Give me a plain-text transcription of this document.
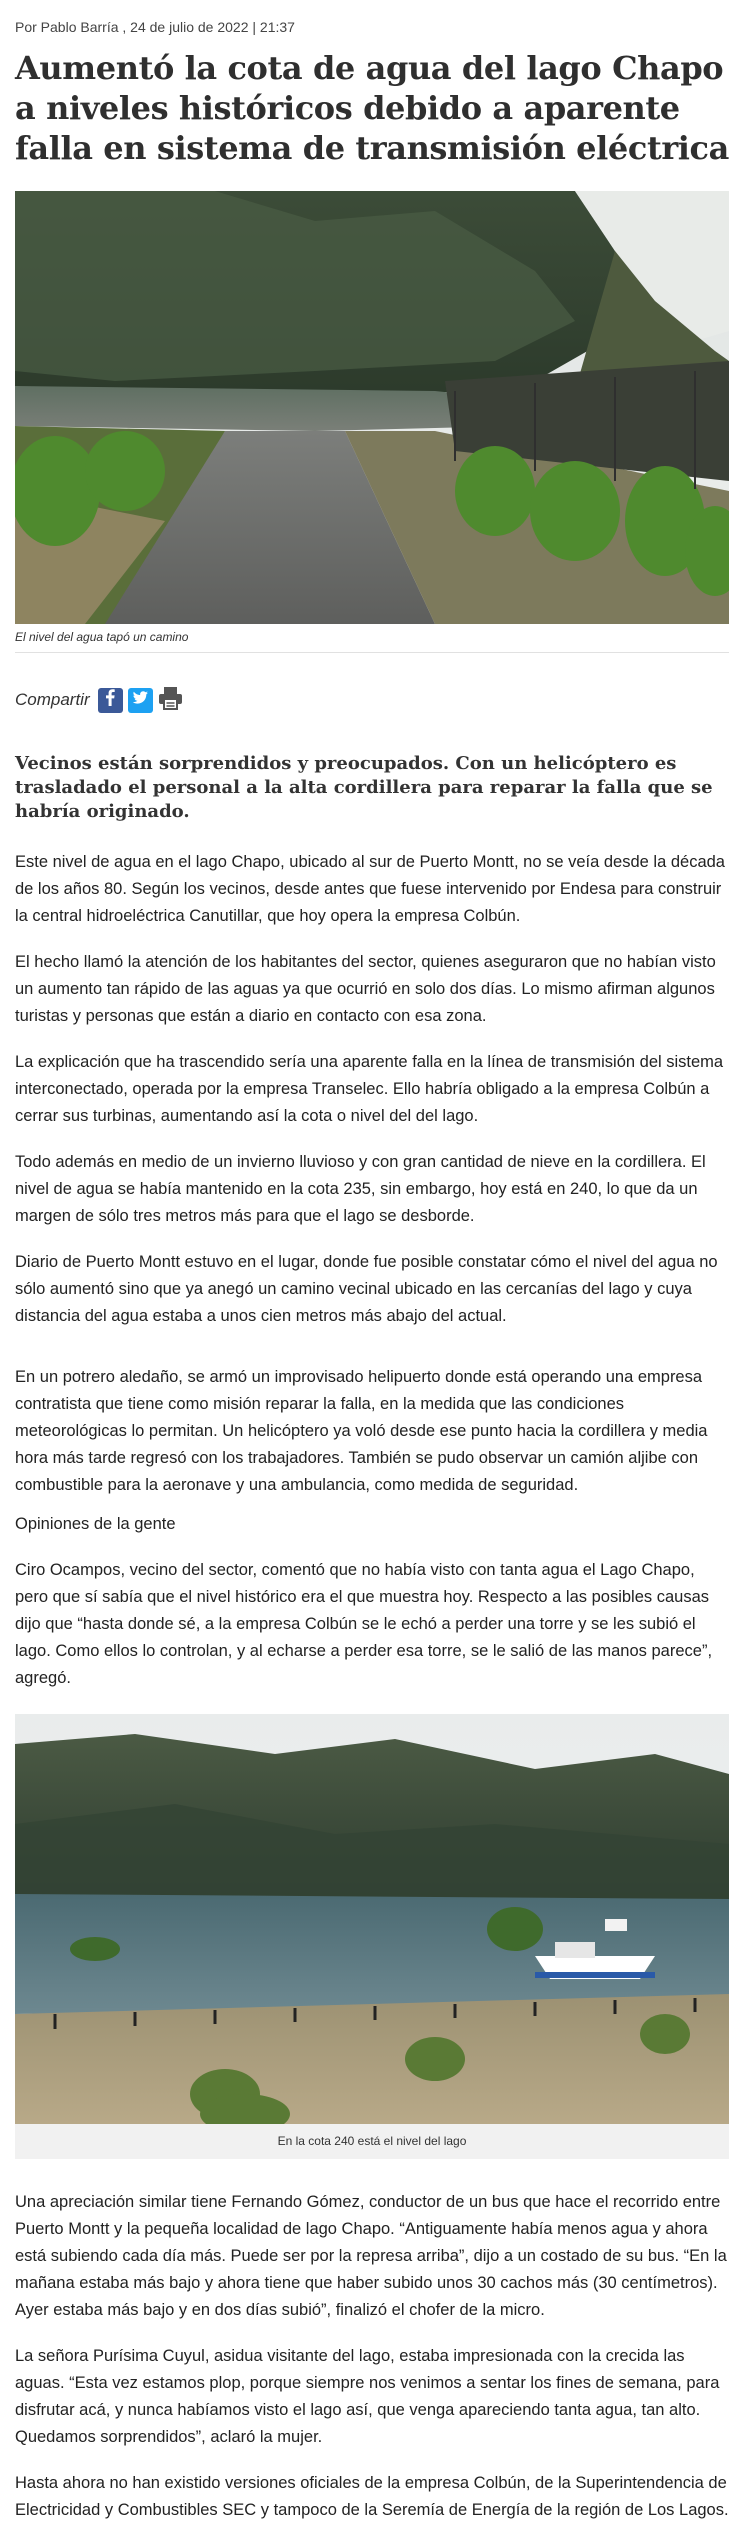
Por Pablo Barría , 24 de julio de 2022 | 21:37

Aumentó la cota de agua del lago Chapo a niveles históricos debido a aparente falla en sistema de transmisión eléctrica

El nivel del agua tapó un camino

Compartir

Vecinos están sorprendidos y preocupados. Con un helicóptero es trasladado el personal a la alta cordillera para reparar la falla que se habría originado.

Este nivel de agua en el lago Chapo, ubicado al sur de Puerto Montt, no se veía desde la década de los años 80. Según los vecinos, desde antes que fuese intervenido por Endesa para construir la central hidroeléctrica Canutillar, que hoy opera la empresa Colbún.

El hecho llamó la atención de los habitantes del sector, quienes aseguraron que no habían visto un aumento tan rápido de las aguas ya que ocurrió en solo dos días. Lo mismo afirman algunos turistas y personas que están a diario en contacto con esa zona.

La explicación que ha trascendido sería una aparente falla en la línea de transmisión del sistema interconectado, operada por la empresa Transelec. Ello habría obligado a la empresa Colbún a cerrar sus turbinas, aumentando así la cota o nivel del del lago.

Todo además en medio de un invierno lluvioso y con gran cantidad de nieve en la cordillera. El nivel de agua se había mantenido en la cota 235, sin embargo, hoy está en 240, lo que da un margen de sólo tres metros más para que el lago se desborde.

Diario de Puerto Montt estuvo en el lugar, donde fue posible constatar cómo el nivel del agua no sólo aumentó sino que ya anegó un camino vecinal ubicado en las cercanías del lago y cuya distancia del agua estaba a unos cien metros más abajo del actual.

En un potrero aledaño, se armó un improvisado helipuerto donde está operando una empresa contratista que tiene como misión reparar la falla, en la medida que las condiciones meteorológicas lo permitan. Un helicóptero ya voló desde ese punto hacia la cordillera y media hora más tarde regresó con los trabajadores. También se pudo observar un camión aljibe con combustible para la aeronave y una ambulancia, como medida de seguridad.

Opiniones de la gente

Ciro Ocampos, vecino del sector, comentó que no había visto con tanta agua el Lago Chapo, pero que sí sabía que el nivel histórico era el que muestra hoy. Respecto a las posibles causas dijo que “hasta donde sé, a la empresa Colbún se le echó a perder una torre y se les subió el lago. Como ellos lo controlan, y al echarse a perder esa torre, se le salió de las manos parece”, agregó.

En la cota 240 está el nivel del lago

Una apreciación similar tiene Fernando Gómez, conductor de un bus que hace el recorrido entre Puerto Montt y la pequeña localidad de lago Chapo. “Antiguamente había menos agua y ahora está subiendo cada día más. Puede ser por la represa arriba”, dijo a un costado de su bus. “En la mañana estaba más bajo y ahora tiene que haber subido unos 30 cachos más (30 centímetros). Ayer estaba más bajo y en dos días subió”, finalizó el chofer de la micro.

La señora Purísima Cuyul, asidua visitante del lago, estaba impresionada con la crecida las aguas. “Esta vez estamos plop, porque siempre nos venimos a sentar los fines de semana, para disfrutar acá, y nunca habíamos visto el lago así, que venga apareciendo tanta agua, tan alto. Quedamos sorprendidos”, aclaró la mujer.

Hasta ahora no han existido versiones oficiales de la empresa Colbún, de la Superintendencia de Electricidad y Combustibles SEC y tampoco de la Seremía de Energía de la región de Los Lagos.
